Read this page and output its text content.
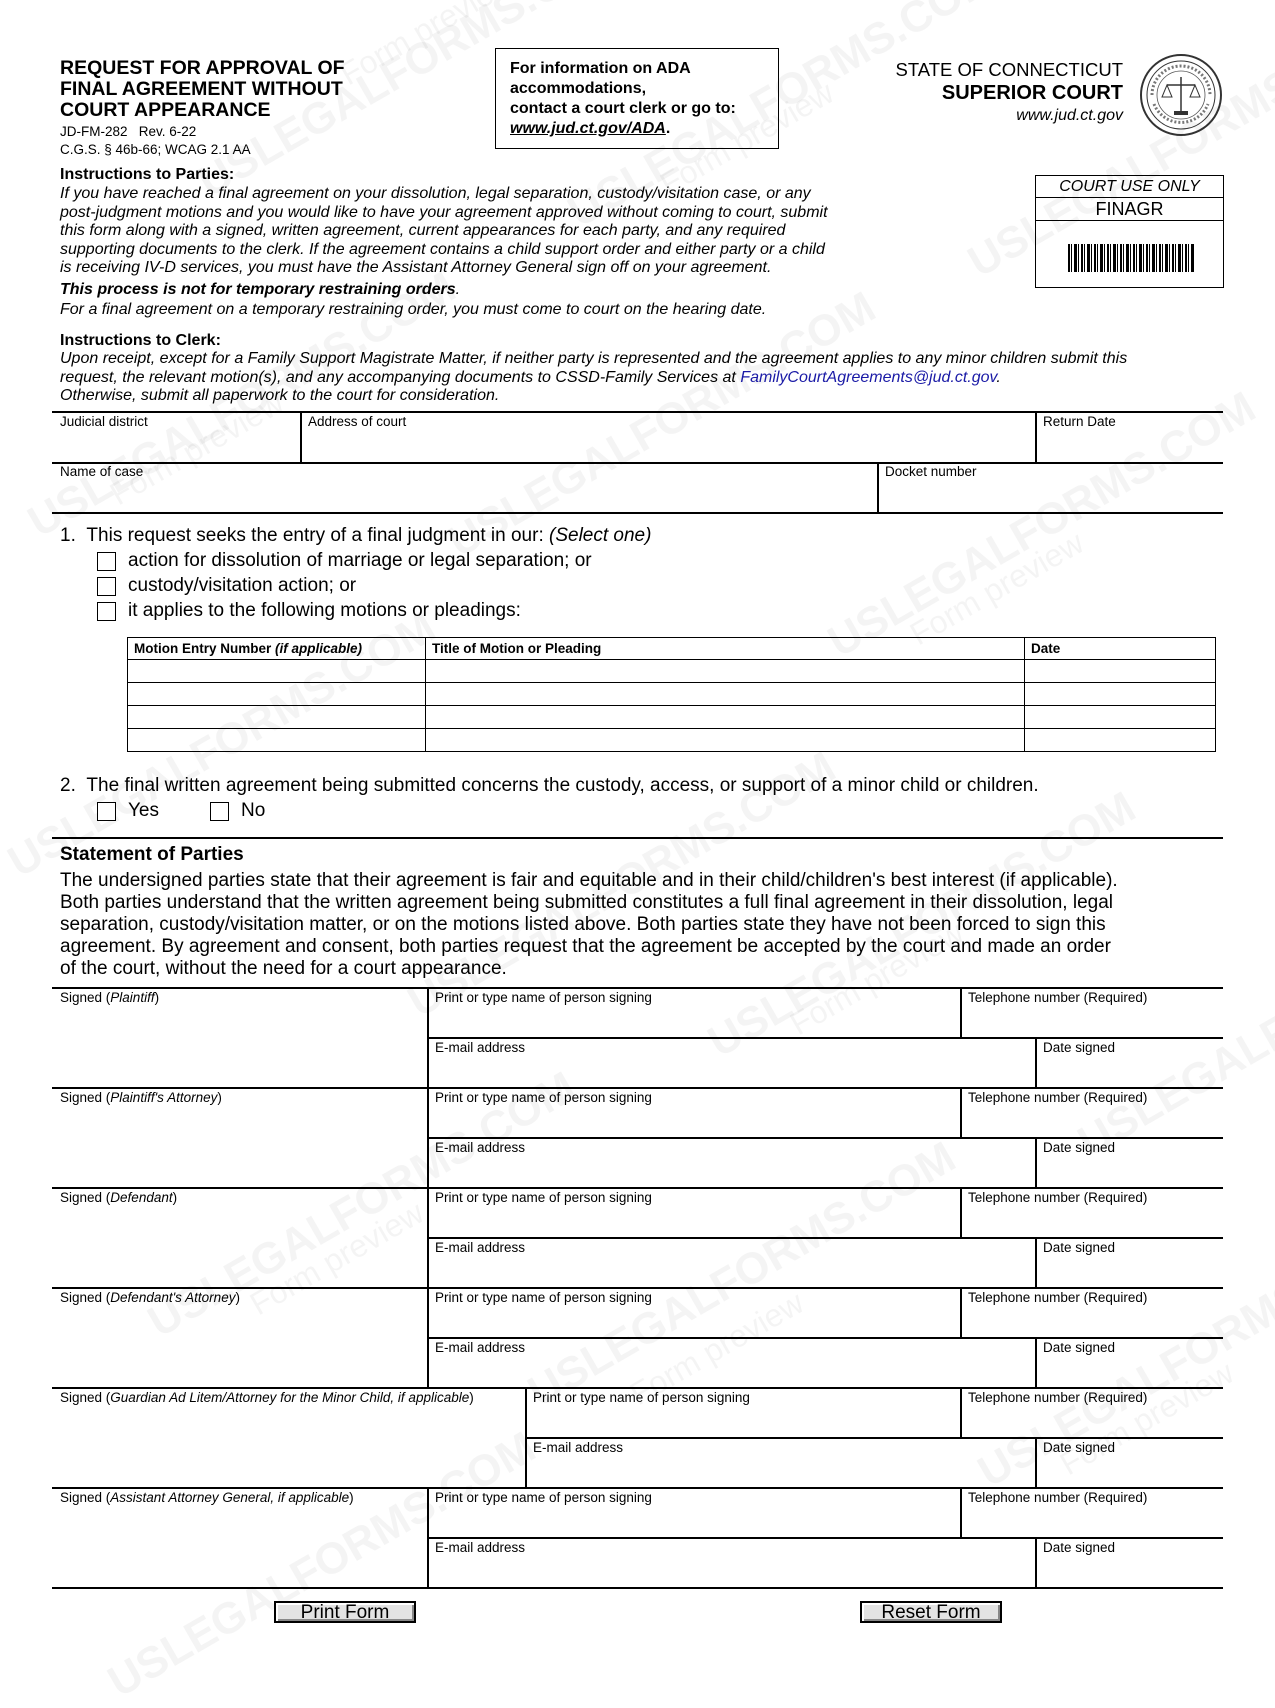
REQUEST FOR APPROVAL OF
FINAL AGREEMENT WITHOUT
COURT APPEARANCE
JD-FM-282   Rev. 6-22
C.G.S. § 46b-66; WCAG 2.1 AA
For information on ADA
accommodations,
contact a court clerk or go to:
www.jud.ct.gov/ADA.
STATE OF CONNECTICUT
SUPERIOR COURT
www.jud.ct.gov
COURT USE ONLY
FINAGR
Instructions to Parties:
If you have reached a final agreement on your dissolution, legal separation, custody/visitation case, or any
post-judgment motions and you would like to have your agreement approved without coming to court, submit
this form along with a signed, written agreement, current appearances for each party, and any required
supporting documents to the clerk. If the agreement contains a child support order and either party or a child
is receiving IV-D services, you must have the Assistant Attorney General sign off on your agreement.
This process is not for temporary restraining orders.
For a final agreement on a temporary restraining order, you must come to court on the hearing date.
Instructions to Clerk:
Upon receipt, except for a Family Support Magistrate Matter, if neither party is represented and the agreement applies to any minor children submit this
request, the relevant motion(s), and any accompanying documents to CSSD-Family Services at FamilyCourtAgreements@jud.ct.gov.
Otherwise, submit all paperwork to the court for consideration.
Judicial district	Address of court	Return Date
Name of case	Docket number
1. This request seeks the entry of a final judgment in our: (Select one)
action for dissolution of marriage or legal separation; or
custody/visitation action; or
it applies to the following motions or pleadings:
Motion Entry Number (if applicable)	Title of Motion or Pleading	Date

2. The final written agreement being submitted concerns the custody, access, or support of a minor child or children.
Yes	No
Statement of Parties
The undersigned parties state that their agreement is fair and equitable and in their child/children's best interest (if applicable).
Both parties understand that the written agreement being submitted constitutes a full final agreement in their dissolution, legal
separation, custody/visitation matter, or on the motions listed above. Both parties state they have not been forced to sign this
agreement. By agreement and consent, both parties request that the agreement be accepted by the court and made an order
of the court, without the need for a court appearance.
Signed (Plaintiff)	Print or type name of person signing	Telephone number (Required)
E-mail address	Date signed
Signed (Plaintiff's Attorney)	Print or type name of person signing	Telephone number (Required)
E-mail address	Date signed
Signed (Defendant)	Print or type name of person signing	Telephone number (Required)
E-mail address	Date signed
Signed (Defendant's Attorney)	Print or type name of person signing	Telephone number (Required)
E-mail address	Date signed
Signed (Guardian Ad Litem/Attorney for the Minor Child, if applicable)	Print or type name of person signing	Telephone number (Required)
E-mail address	Date signed
Signed (Assistant Attorney General, if applicable)	Print or type name of person signing	Telephone number (Required)
E-mail address	Date signed
Print Form	Reset Form
